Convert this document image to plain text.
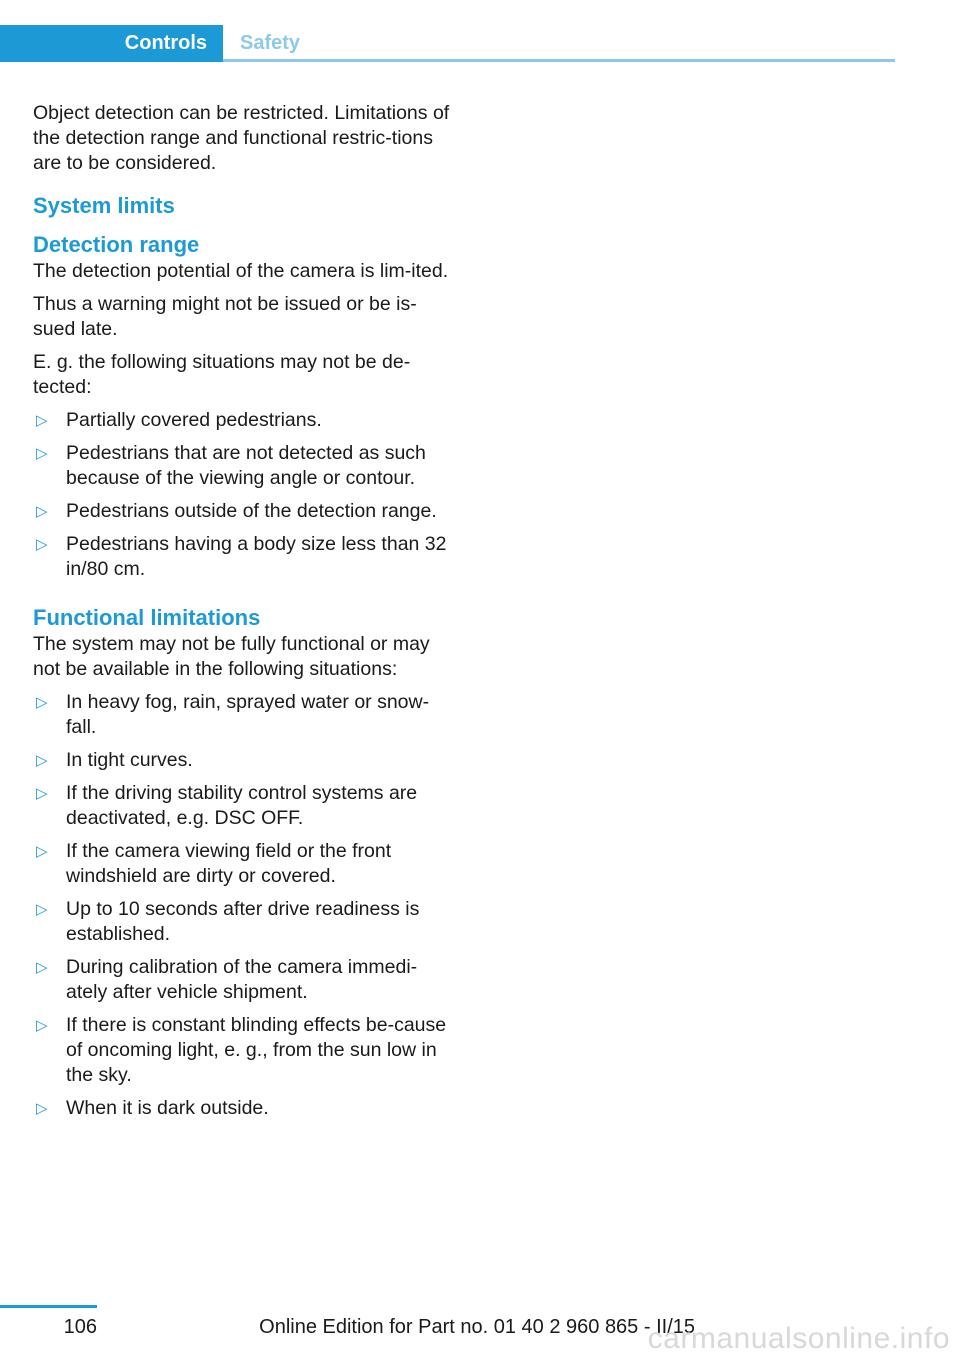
Controls	Safety

Object detection can be restricted. Limitations of the detection range and functional restric-tions are to be considered.

System limits
Detection range

The detection potential of the camera is lim-ited.

Thus a warning might not be issued or be is-sued late.

E. g. the following situations may not be de-tected:

▷ Partially covered pedestrians.
▷ Pedestrians that are not detected as such because of the viewing angle or contour.
▷ Pedestrians outside of the detection range.
▷ Pedestrians having a body size less than 32 in/80 cm.
Functional limitations

The system may not be fully functional or may not be available in the following situations:

▷ In heavy fog, rain, sprayed water or snow-fall.
▷ In tight curves.
▷ If the driving stability control systems are deactivated, e.g. DSC OFF.
▷ If the camera viewing field or the front windshield are dirty or covered.
▷ Up to 10 seconds after drive readiness is established.
▷ During calibration of the camera immedi-ately after vehicle shipment.
▷ If there is constant blinding effects be-cause of oncoming light, e. g., from the sun low in the sky.
▷ When it is dark outside.
106	Online Edition for Part no. 01 40 2 960 865 - II/15
carmanualsonline.info
